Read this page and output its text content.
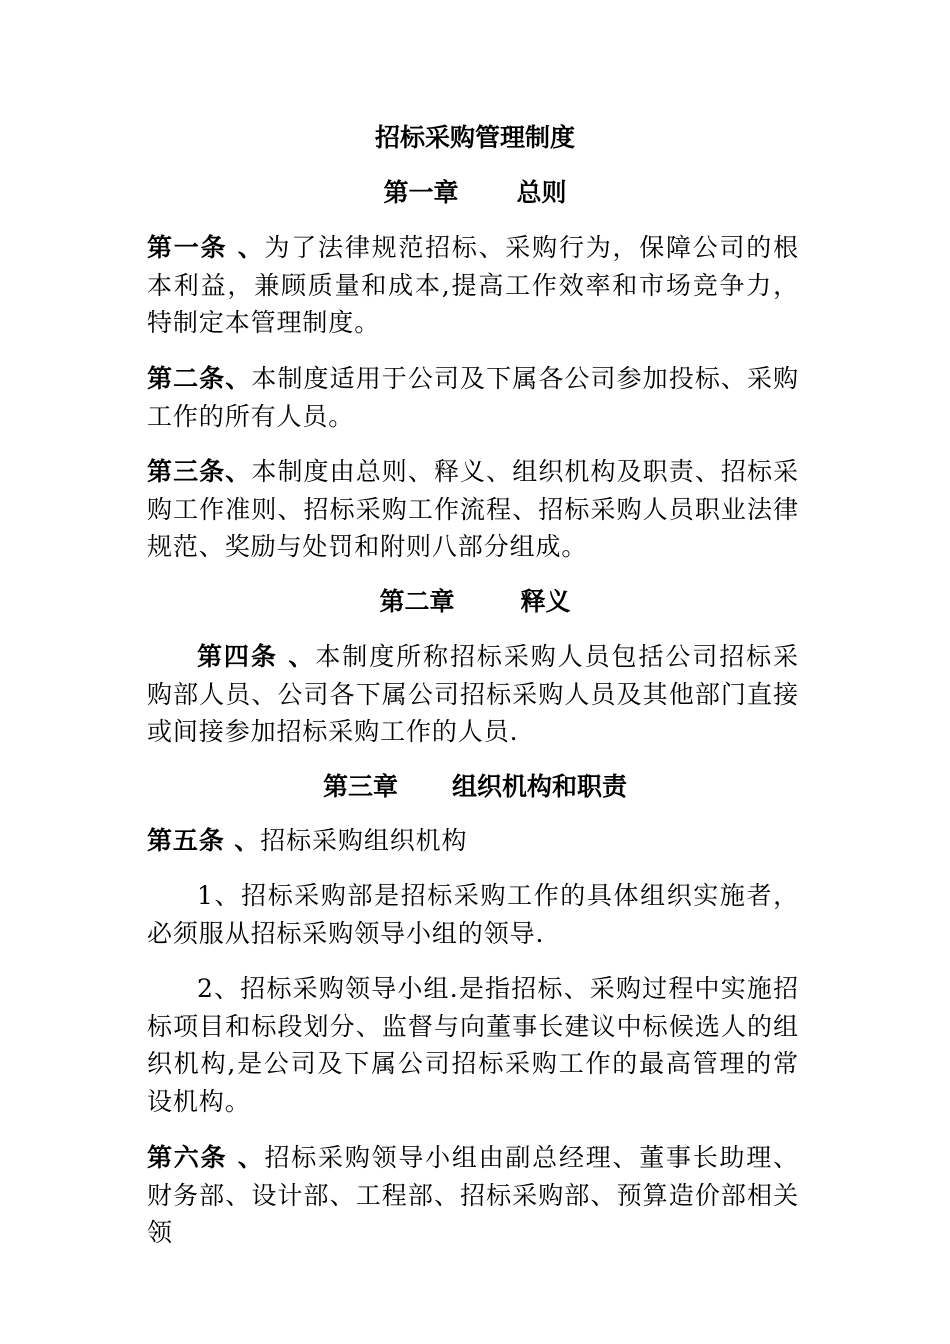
招标采购管理制度
第一章 总则
第一条 、为了法律规范招标、采购行为，保障公司的根本利益，兼顾质量和成本,提高工作效率和市场竞争力，特制定本管理制度。
第二条、本制度适用于公司及下属各公司参加投标、采购工作的所有人员。
第三条、本制度由总则、释义、组织机构及职责、招标采购工作准则、招标采购工作流程、招标采购人员职业法律规范、奖励与处罚和附则八部分组成。
第二章	释义
第四条 、本制度所称招标采购人员包括公司招标采购部人员、公司各下属公司招标采购人员及其他部门直接或间接参加招标采购工作的人员.
第三章 组织机构和职责
第五条 、招标采购组织机构
1、招标采购部是招标采购工作的具体组织实施者，必须服从招标采购领导小组的领导.
2、招标采购领导小组.是指招标、采购过程中实施招标项目和标段划分、监督与向董事长建议中标候选人的组织机构,是公司及下属公司招标采购工作的最高管理的常设机构。
第六条 、招标采购领导小组由副总经理、董事长助理、财务部、设计部、工程部、招标采购部、预算造价部相关领
